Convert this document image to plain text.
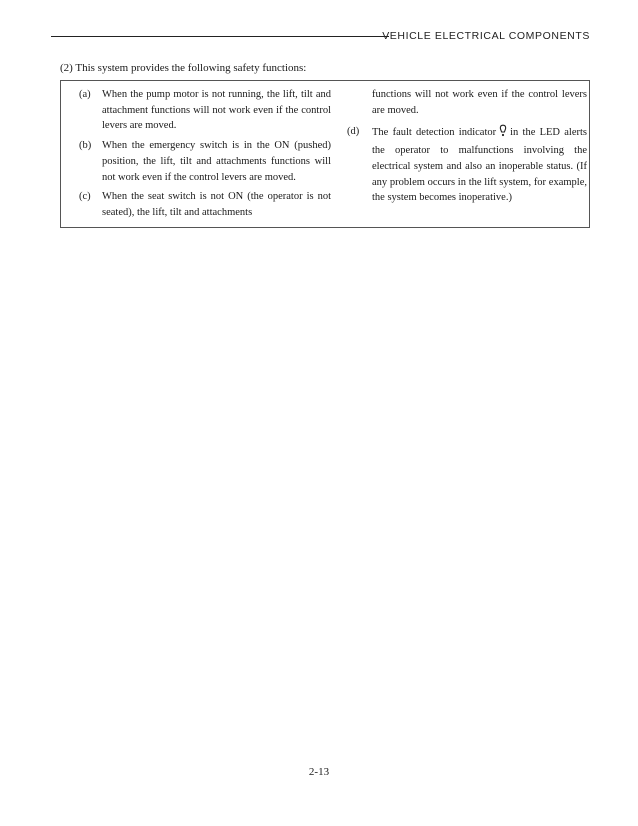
VEHICLE ELECTRICAL COMPONENTS
(2) This system provides the following safety functions:
(a) When the pump motor is not running, the lift, tilt and attachment functions will not work even if the control levers are moved.
(b) When the emergency switch is in the ON (pushed) position, the lift, tilt and attachments functions will not work even if the control levers are moved.
(c) When the seat switch is not ON (the operator is not seated), the lift, tilt and attachments
functions will not work even if the control levers are moved.
(d) The fault detection indicator in the LED alerts the operator to malfunctions involving the electrical system and also an inoperable status. (If any problem occurs in the lift system, for example, the system becomes inoperative.)
2-13
